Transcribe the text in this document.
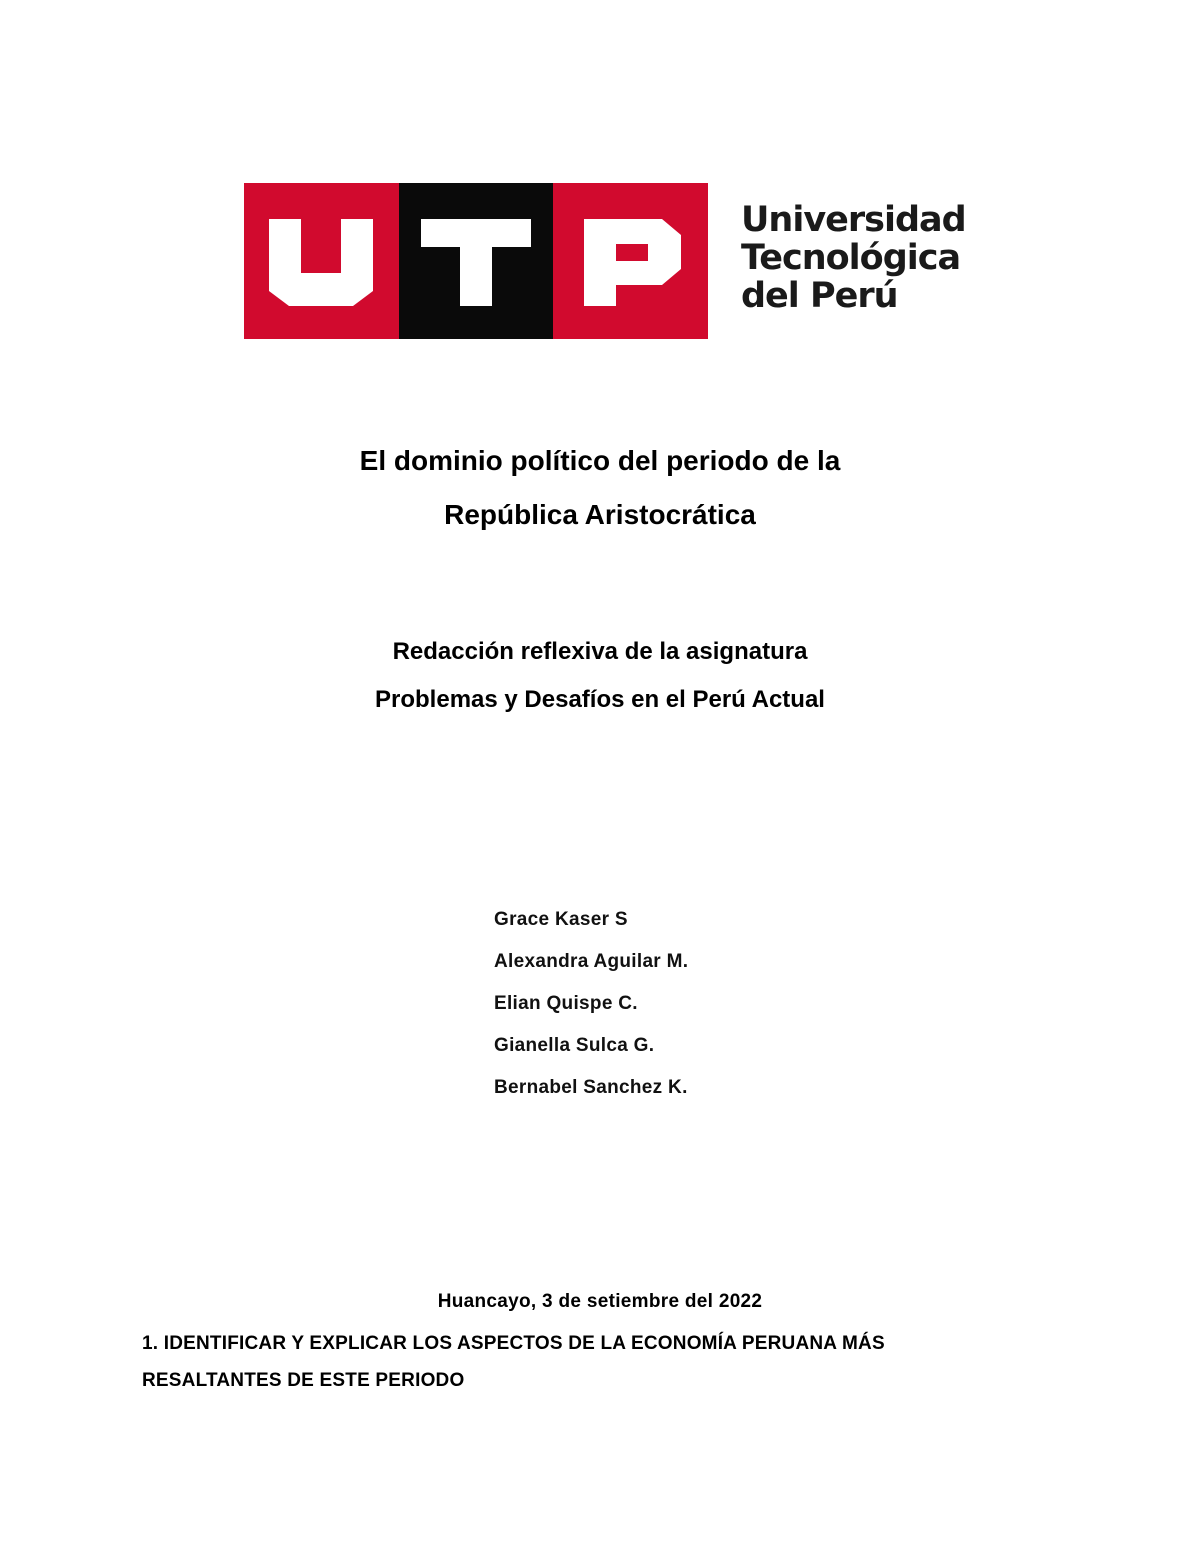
Universidad
Tecnológica
del Perú
El dominio político del periodo de la
República Aristocrática
Redacción reflexiva de la asignatura
Problemas y Desafíos en el Perú Actual
Grace Kaser S
Alexandra Aguilar M.
Elian Quispe C.
Gianella Sulca G.
Bernabel Sanchez K.
Huancayo, 3 de setiembre del 2022
1. IDENTIFICAR Y EXPLICAR LOS ASPECTOS DE LA ECONOMÍA PERUANA MÁS RESALTANTES DE ESTE PERIODO
